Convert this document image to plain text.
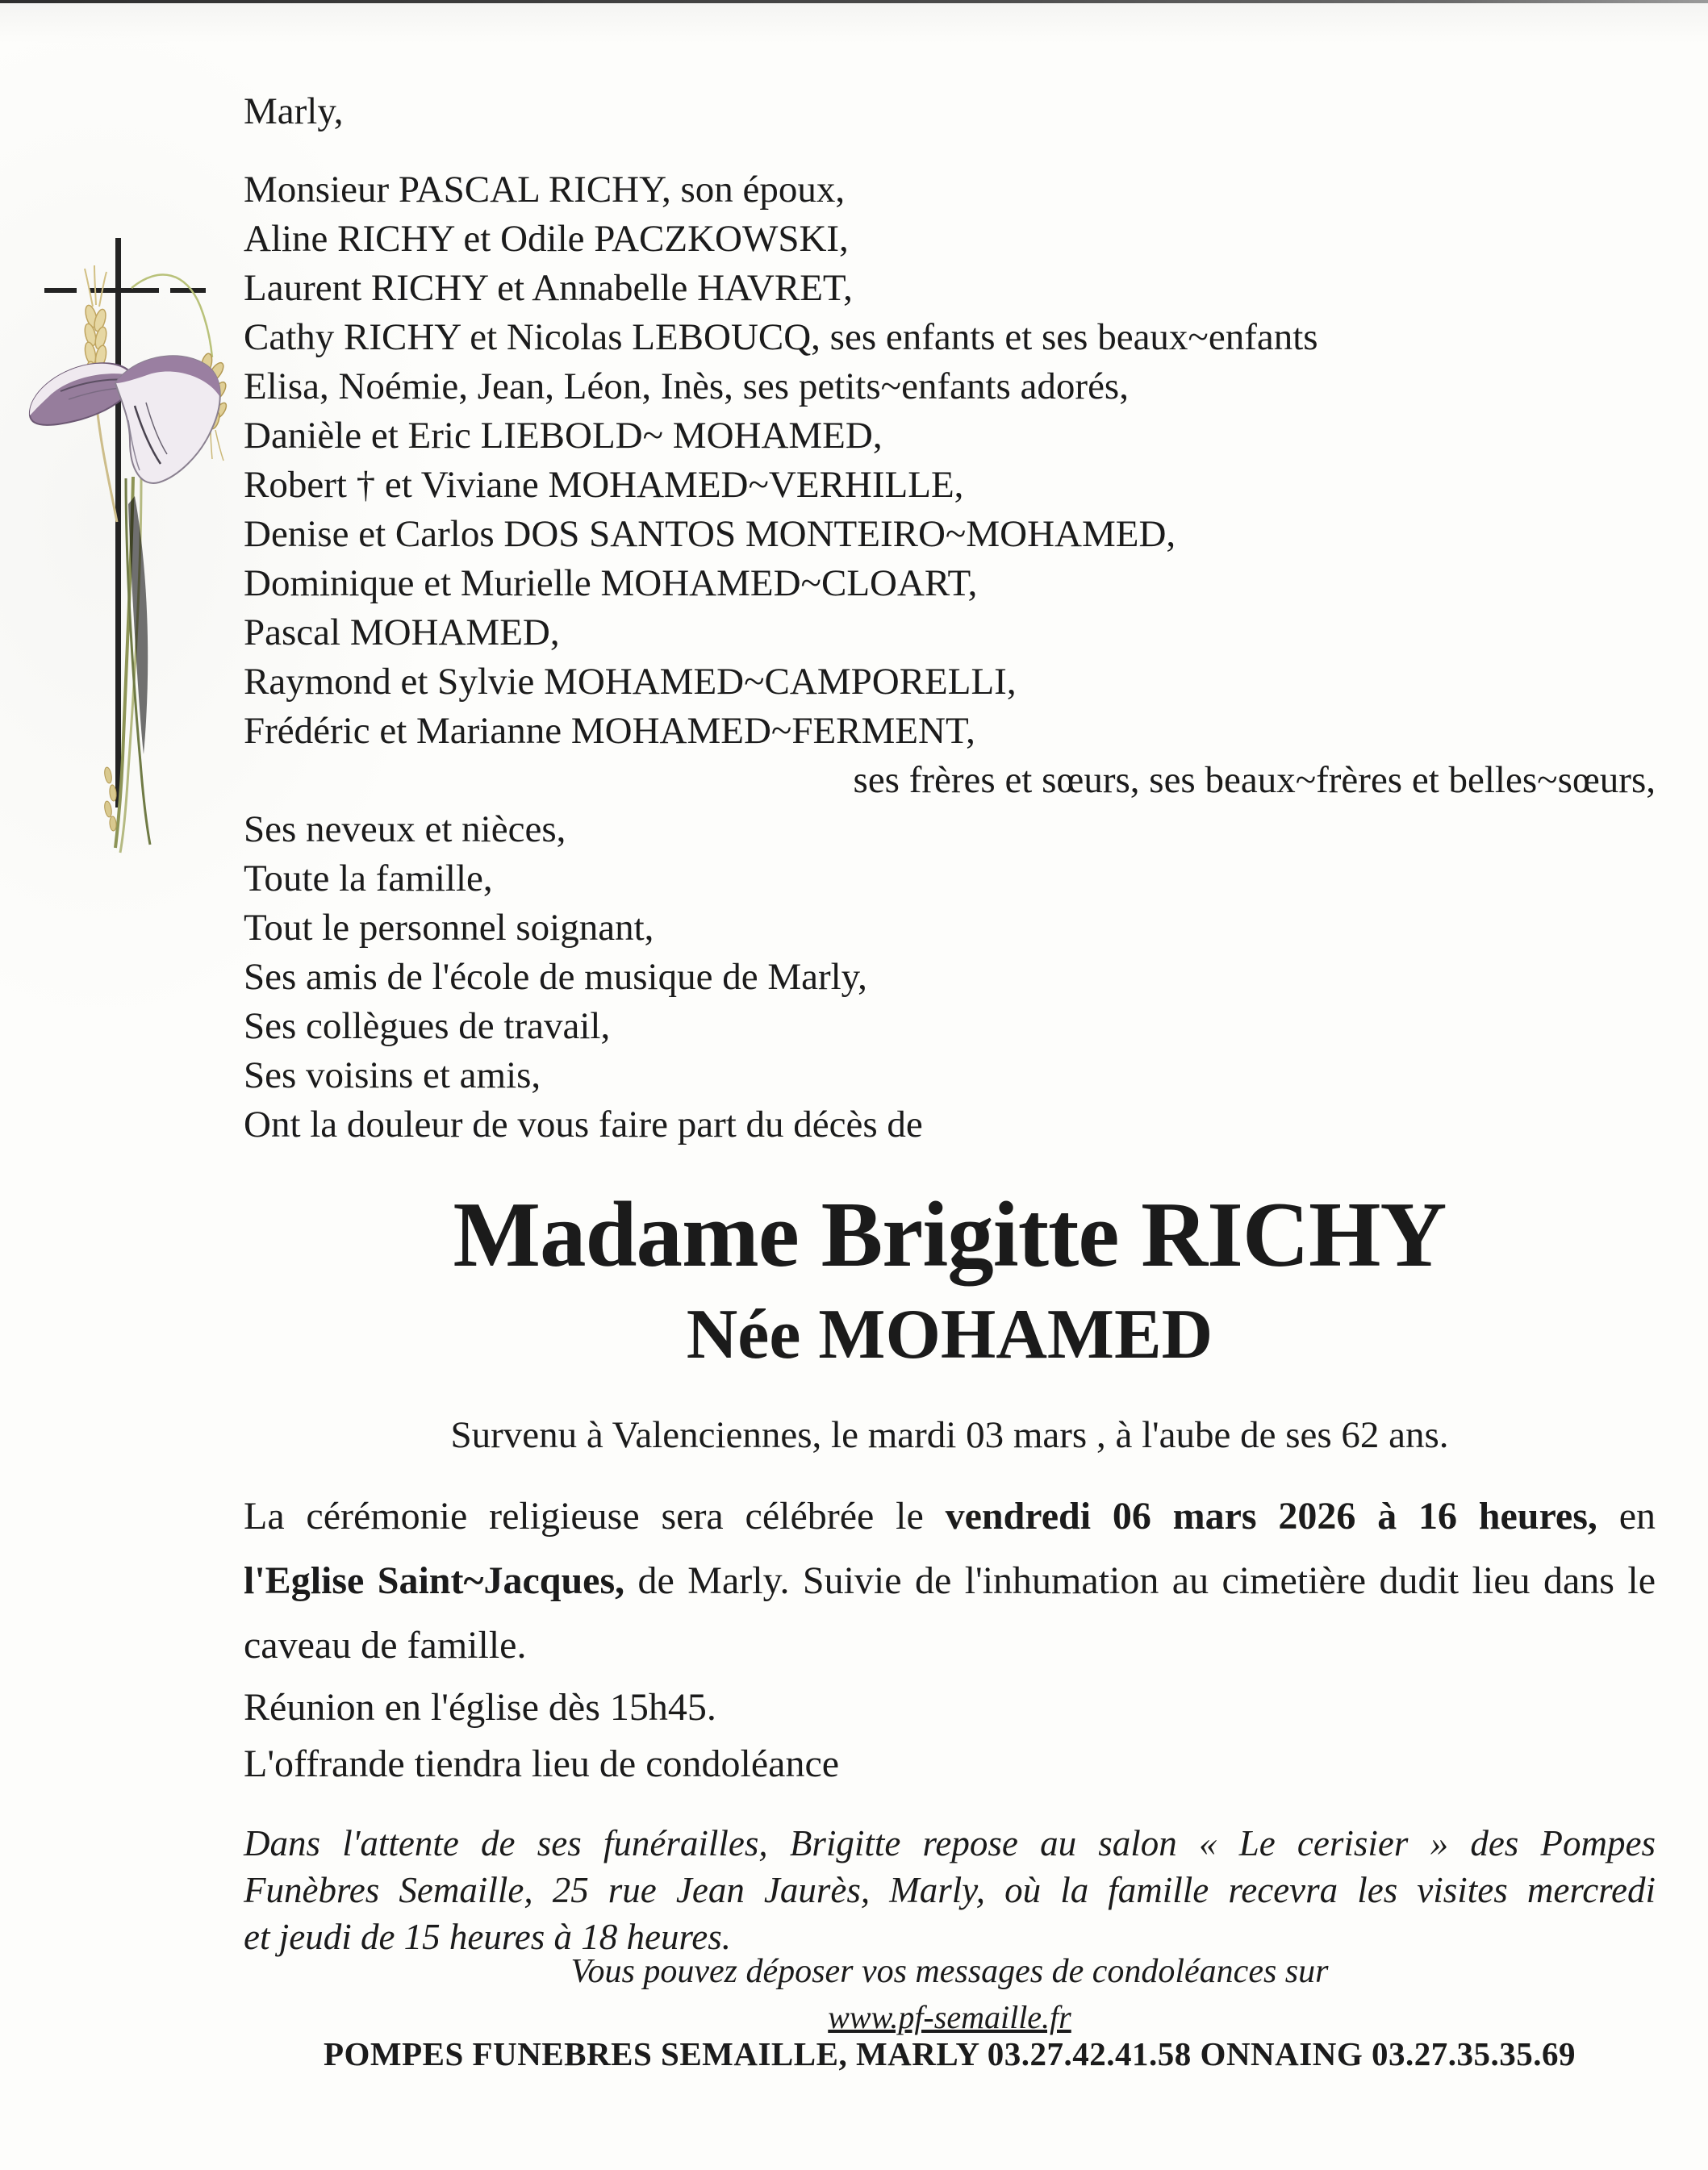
Marly,
Monsieur PASCAL RICHY, son époux,
Aline RICHY et Odile PACZKOWSKI,
Laurent RICHY et Annabelle HAVRET,
Cathy RICHY et Nicolas LEBOUCQ, ses enfants et ses beaux~enfants
Elisa, Noémie, Jean, Léon, Inès, ses petits~enfants adorés,
Danièle et Eric LIEBOLD~ MOHAMED,
Robert † et Viviane MOHAMED~VERHILLE,
Denise et Carlos DOS SANTOS MONTEIRO~MOHAMED,
Dominique et Murielle MOHAMED~CLOART,
Pascal MOHAMED,
Raymond et Sylvie MOHAMED~CAMPORELLI,
Frédéric et Marianne MOHAMED~FERMENT,
ses frères et sœurs, ses beaux~frères et belles~sœurs,
Ses neveux et nièces,
Toute la famille,
Tout le personnel soignant,
Ses amis de l'école de musique de Marly,
Ses collègues de travail,
Ses voisins et amis,
Ont la douleur de vous faire part du décès de
Madame Brigitte RICHY
Née MOHAMED
Survenu à Valenciennes, le mardi 03 mars , à l'aube de ses 62 ans.
La cérémonie religieuse sera célébrée le vendredi 06 mars 2026 à 16 heures, en
l'Eglise Saint~Jacques, de Marly. Suivie de l'inhumation au cimetière dudit lieu dans le
caveau de famille.
Réunion en l'église dès 15h45.
L'offrande tiendra lieu de condoléance
Dans l'attente de ses funérailles, Brigitte repose au salon « Le cerisier » des Pompes
Funèbres Semaille, 25 rue Jean Jaurès, Marly, où la famille recevra les visites mercredi
et jeudi de 15 heures à 18 heures.
Vous pouvez déposer vos messages de condoléances sur
www.pf-semaille.fr
POMPES FUNEBRES SEMAILLE, MARLY 03.27.42.41.58 ONNAING 03.27.35.35.69
